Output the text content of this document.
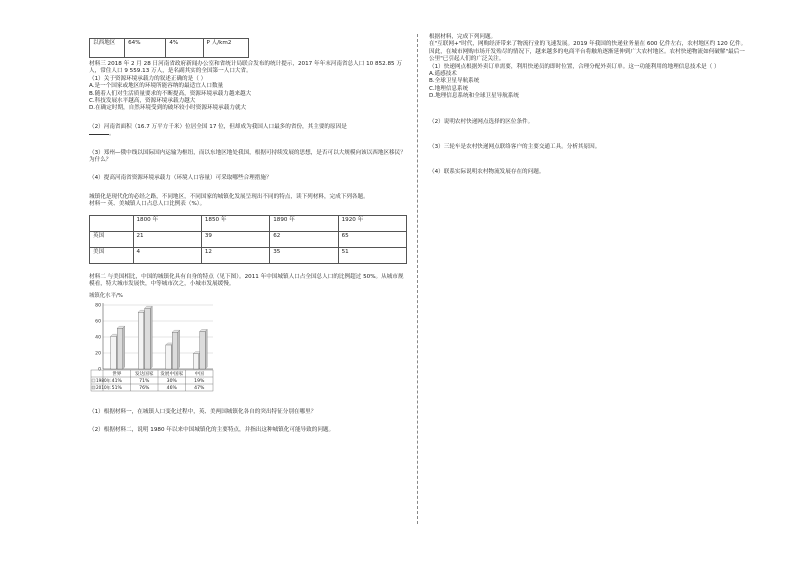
以西地区	64%	4%	P 人/km2

材料三 2018 年 2 月 28 日河南省政府新闻办公室和省统计局联合发布的统计提示，2017 年年末河南省总人口 10 852.85 万人，常住人口 9 559.13 万人，是名副其实的全国第一人口大省。

（1）关于资源环境承载力的叙述正确的是（ ）

A.是一个国家或地区的环境所能容纳的最适宜人口数量

B.随着人们对生活质量要求的不断提高，资源环境承载力越来越大

C.科技发展水平越高，资源环境承载力越大

D.在确定时期，自然环境受到的破坏较小时资源环境承载力就大

（2）河南省面积（16.7 万平方千米）位居全国 17 位，但却成为我国人口最多的省份，其主要的原因是

。

（3）郑州—俄中线以国际国内运输为枢纽，而以东地区地处我国，根据可持续发展的思想，是否可以大规模向该以西地区移民？为什么？

（4）提高河南省资源环境承载力（环境人口容量）可采取哪些合理措施？

城镇化是现代化的必经之路，不同地区，不同国家的城镇化发展呈现出不同的特点，读下列材料，完成下列各题。

材料一 英、美城镇人口占总人口比例表（%）。

	1800 年	1850 年	1890 年	1920 年
英国	21	39	62	65
美国	4	12	35	51

材料二 与美国相比，中国的城镇化具有自身的特点（见下图）。2011 年中国城镇人口占全国总人口的比例超过 50%。从城市规模看，特大城市发展快，中等城市次之，小城市发展缓慢。

城镇化水平/%
0
20
40
60
80
世界	发达国家 发展中国家 中国
1980年 41%	71%	30%	19%
2010年 51%	76%	46%	47%

（1）根据材料一，在城镇人口变化过程中，英、美两国城镇化各自的突出特征分别在哪里？

（2）根据材料二，说明 1980 年以来中国城镇化的主要特点，并指出这种城镇化可能导致的问题。

根据材料，完成下列问题。

在"互联网+"时代，网购经济带来了物流行业的飞速发展。2019 年我国的快递业务量在 600 亿件左右，农村地区约 120 亿件。因此，在城市网购市场开发殆尽的情况下，越来越多的电商平台将触角逐渐延伸到广大农村地区。农村快递物流如何破解"最后一公里"已引起人们的广泛关注。

（1）快递网点根据外卖订单需要，利用快递员的即时位置，合理分配外卖订单。这一功能利用的地理信息技术是（ ）

A.遥感技术

B.全球卫星导航系统

C.地理信息系统

D.地理信息系统和全球卫星导航系统

（2）说明农村快递网点选择的区位条件。

（3）三轮车是农村快递网点联络客户的主要交通工具。分析其原因。

（4）联系实际说明农村物流发展存在的问题。
